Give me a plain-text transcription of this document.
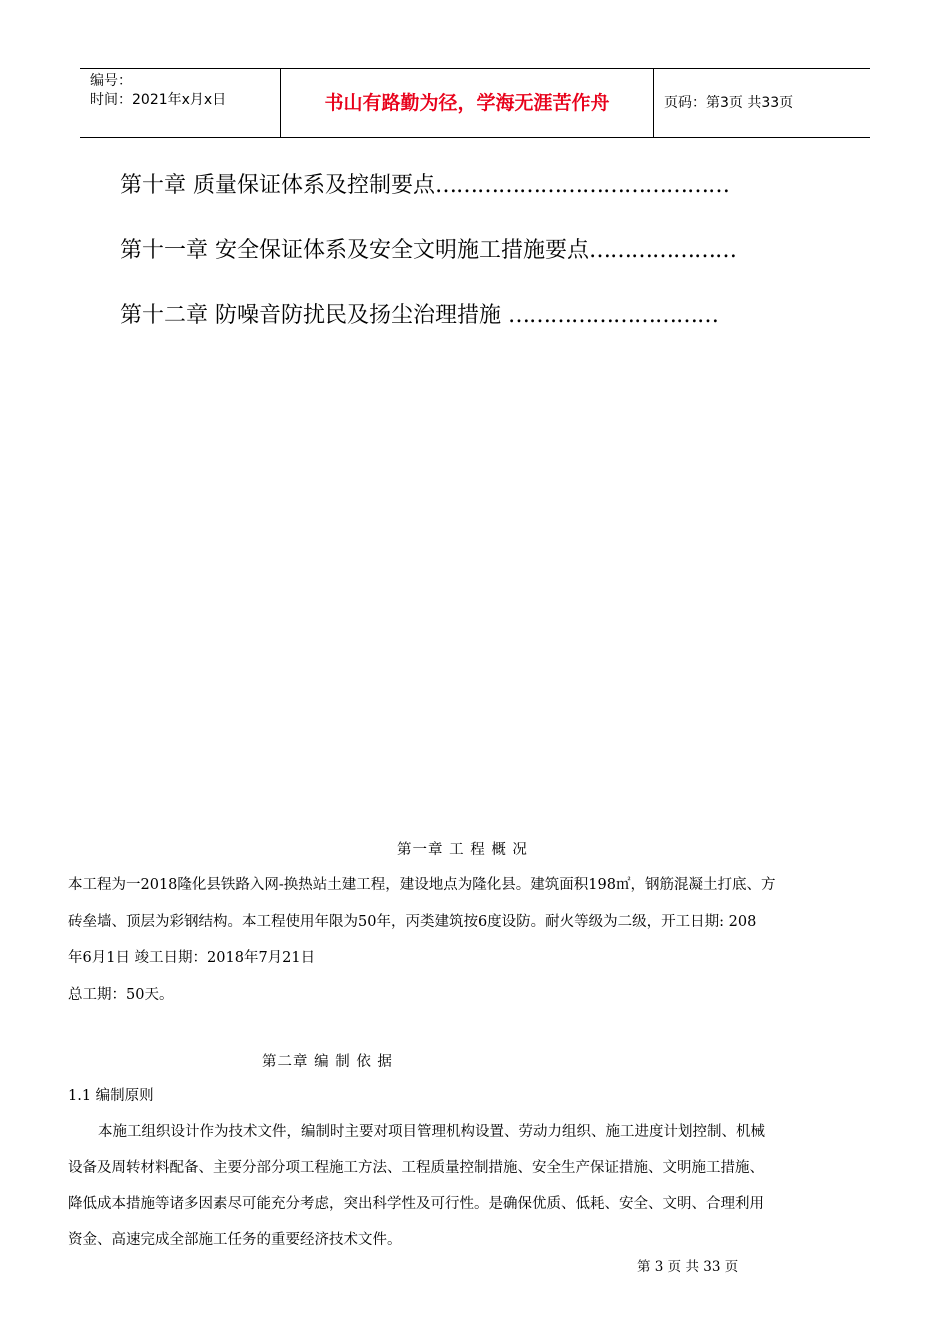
编号：
时间：2021年x月x日	书山有路勤为径，学海无涯苦作舟	页码：第3页 共33页
第十章 质量保证体系及控制要点……………………………………
第十一章 安全保证体系及安全文明施工措施要点…………………
第十二章 防噪音防扰民及扬尘治理措施 …………………………
第一章 工 程 概 况
本工程为一2018隆化县铁路入网-换热站土建工程，建设地点为隆化县。建筑面积198㎡，钢筋混凝土打底、方
砖垒墙、顶层为彩钢结构。本工程使用年限为50年，丙类建筑按6度设防。耐火等级为二级，开工日期: 208
年6月1日 竣工日期：2018年7月21日
总工期：50天。
第二章 编 制 依 据
1.1 编制原则
本施工组织设计作为技术文件，编制时主要对项目管理机构设置、劳动力组织、施工进度计划控制、机械
设备及周转材料配备、主要分部分项工程施工方法、工程质量控制措施、安全生产保证措施、文明施工措施、
降低成本措施等诸多因素尽可能充分考虑，突出科学性及可行性。是确保优质、低耗、安全、文明、合理利用
资金、高速完成全部施工任务的重要经济技术文件。
第 3 页 共 33 页
